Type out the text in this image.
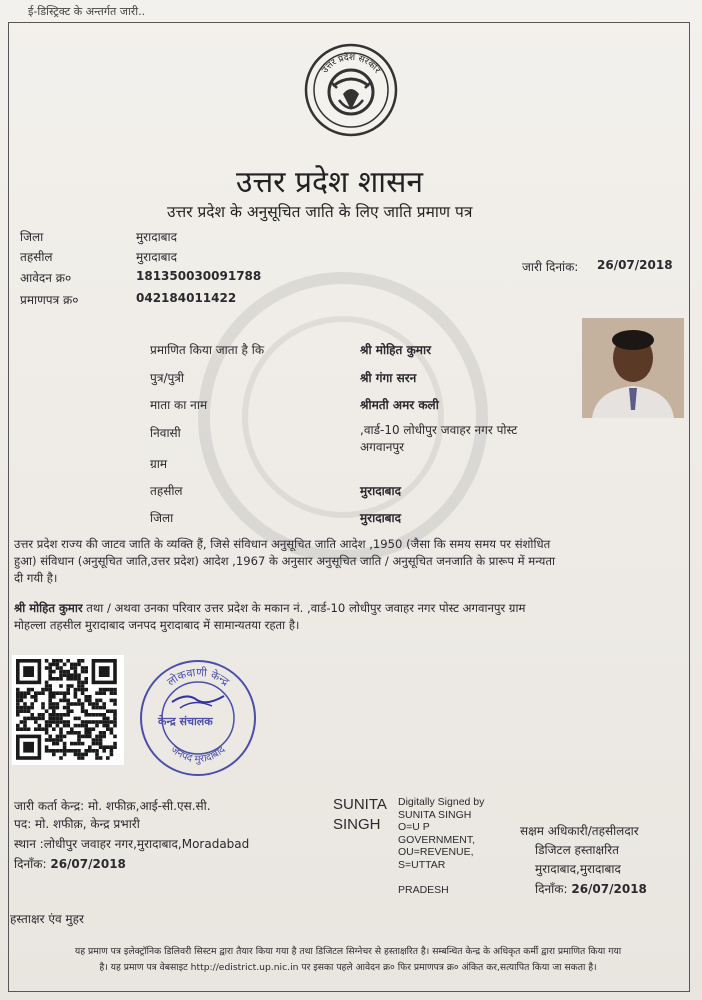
ई-डिस्ट्रिक्ट के अन्तर्गत जारी..
उत्तर प्रदेश सरकार
उत्तर प्रदेश शासन
उत्तर प्रदेश के अनुसूचित जाति के लिए जाति प्रमाण पत्र
जिला	मुरादाबाद
तहसील	मुरादाबाद
आवेदन क्र०	181350030091788
प्रमाणपत्र क्र०	042184011422
जारी दिनांक: 26/07/2018
प्रमाणित किया जाता है कि	श्री मोहित कुमार
पुत्र/पुत्री	श्री गंगा सरन
माता का नाम	श्रीमती अमर कली
निवासी	,वार्ड-10 लोधीपुर जवाहर नगर पोस्ट
अगवानपुर
ग्राम
तहसील	मुरादाबाद
जिला	मुरादाबाद
उत्तर प्रदेश राज्य की जाटव जाति के व्यक्ति हैं, जिसे संविधान अनुसूचित जाति आदेश ,1950 (जैसा कि समय समय पर संशोधित
हुआ) संविधान (अनुसूचित जाति,उत्तर प्रदेश) आदेश ,1967 के अनुसार अनुसूचित जाति / अनुसूचित जनजाति के प्रारूप में मन्यता
दी गयी है।
श्री मोहित कुमार तथा / अथवा उनका परिवार उत्तर प्रदेश के मकान नं. ,वार्ड-10 लोधीपुर जवाहर नगर पोस्ट अगवानपुर ग्राम
मोहल्ला तहसील मुरादाबाद जनपद मुरादाबाद में सामान्यतया रहता है।
लोकवाणी केन्द्र
जनपद मुरादाबाद
केन्द्र संचालक
जारी कर्ता केन्द्र: मो. शफीक़,आई-सी.एस.सी.
पद: मो. शफीक़, केन्द्र प्रभारी
स्थान :लोधीपुर जवाहर नगर,मुरादाबाद,Moradabad
दिनाँक: 26/07/2018
SUNITA
SINGH
Digitally Signed by
SUNITA SINGH
O=U P
GOVERNMENT,
OU=REVENUE,
S=UTTAR

PRADESH
सक्षम अधिकारी/तहसीलदार
डिजिटल हस्ताक्षरित
मुरादाबाद,मुरादाबाद
दिनाँक: 26/07/2018
हस्ताक्षर एंव मुहर
यह प्रमाण पत्र इलेक्ट्रॉनिक डिलिवरी सिस्टम द्वारा तैयार किया गया है तथा डिजिटल सिग्नेचर से हस्ताक्षरित है। सम्बन्धित केन्द्र के अधिकृत कर्मी द्वारा प्रमाणित किया गया
है। यह प्रमाण पत्र वेबसाइट http://edistrict.up.nic.in पर इसका पहले आवेदन क्र० फिर प्रमाणपत्र क्र० अंकित कर,सत्यापित किया जा सकता है।
